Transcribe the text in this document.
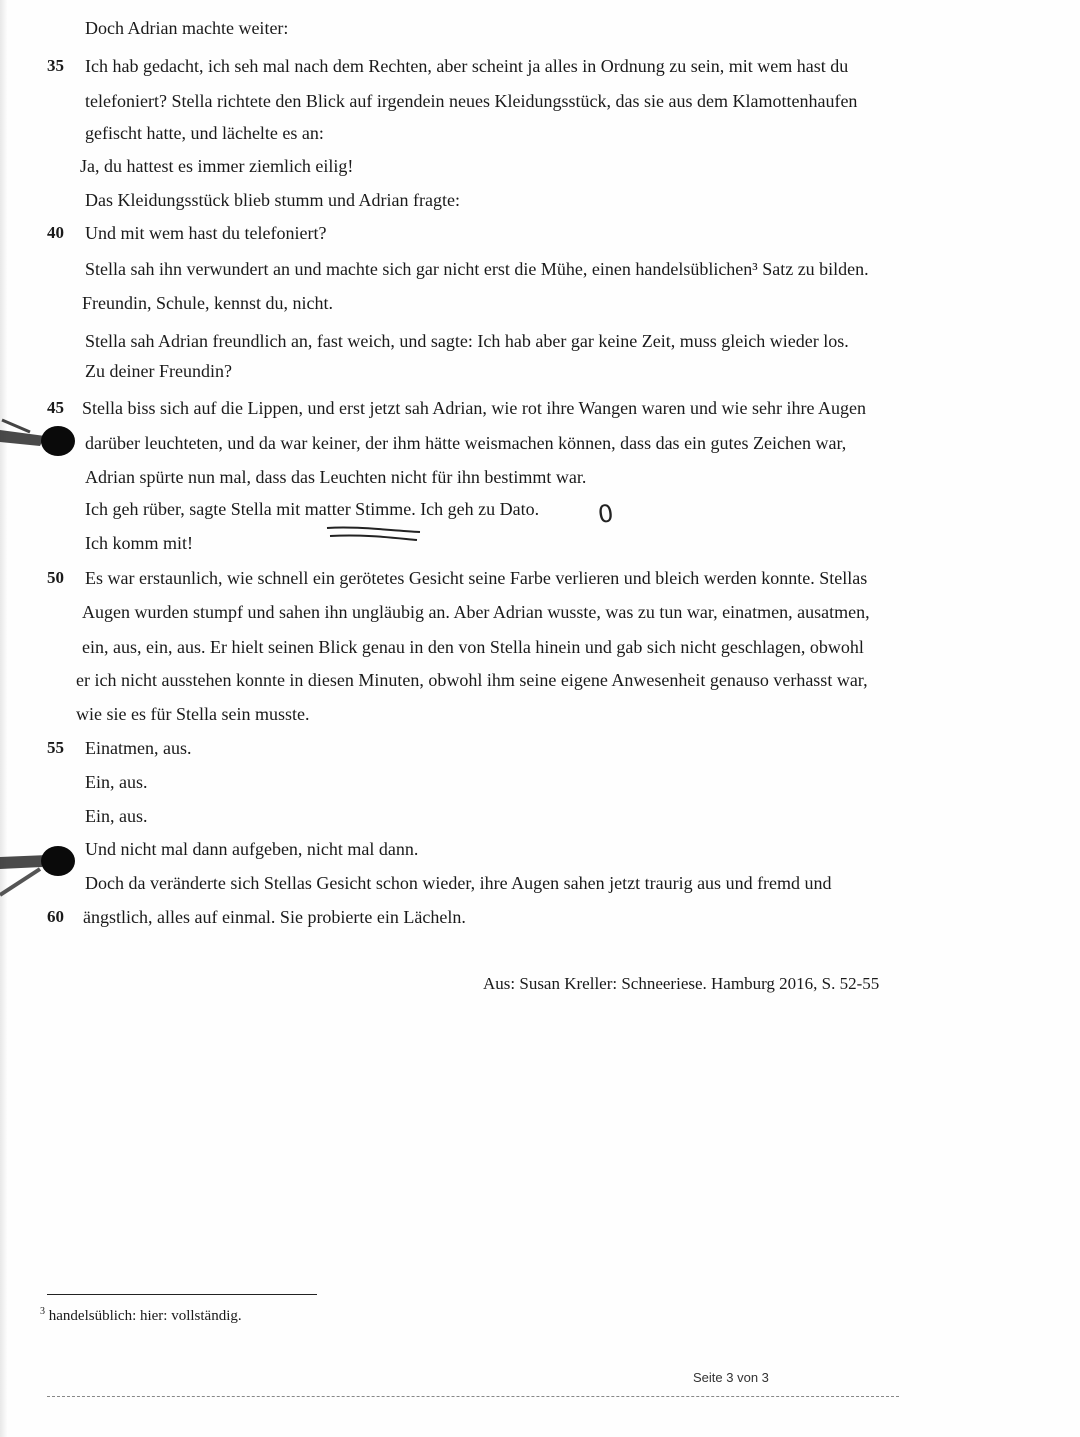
Doch Adrian machte weiter:
35	Ich hab gedacht, ich seh mal nach dem Rechten, aber scheint ja alles in Ordnung zu sein, mit wem hast du
telefoniert? Stella richtete den Blick auf irgendein neues Kleidungsstück, das sie aus dem Klamottenhaufen
gefischt hatte, und lächelte es an:
Ja, du hattest es immer ziemlich eilig!
Das Kleidungsstück blieb stumm und Adrian fragte:
40	Und mit wem hast du telefoniert?
Stella sah ihn verwundert an und machte sich gar nicht erst die Mühe, einen handelsüblichen³ Satz zu bilden.
Freundin, Schule, kennst du, nicht.
Stella sah Adrian freundlich an, fast weich, und sagte: Ich hab aber gar keine Zeit, muss gleich wieder los.
Zu deiner Freundin?
45	Stella biss sich auf die Lippen, und erst jetzt sah Adrian, wie rot ihre Wangen waren und wie sehr ihre Augen
darüber leuchteten, und da war keiner, der ihm hätte weismachen können, dass das ein gutes Zeichen war,
Adrian spürte nun mal, dass das Leuchten nicht für ihn bestimmt war.
Ich geh rüber, sagte Stella mit matter Stimme. Ich geh zu Dato.
Ich komm mit!
50	Es war erstaunlich, wie schnell ein gerötetes Gesicht seine Farbe verlieren und bleich werden konnte. Stellas
Augen wurden stumpf und sahen ihn ungläubig an. Aber Adrian wusste, was zu tun war, einatmen, ausatmen,
ein, aus, ein, aus. Er hielt seinen Blick genau in den von Stella hinein und gab sich nicht geschlagen, obwohl
er ich nicht ausstehen konnte in diesen Minuten, obwohl ihm seine eigene Anwesenheit genauso verhasst war,
wie sie es für Stella sein musste.
55	Einatmen, aus.
Ein, aus.
Ein, aus.
Und nicht mal dann aufgeben, nicht mal dann.
Doch da veränderte sich Stellas Gesicht schon wieder, ihre Augen sahen jetzt traurig aus und fremd und
60	ängstlich, alles auf einmal. Sie probierte ein Lächeln.
0
Aus: Susan Kreller: Schneeriese. Hamburg 2016, S. 52-55
$^3$ handelsüblich: hier: vollständig.
Seite 3 von 3
